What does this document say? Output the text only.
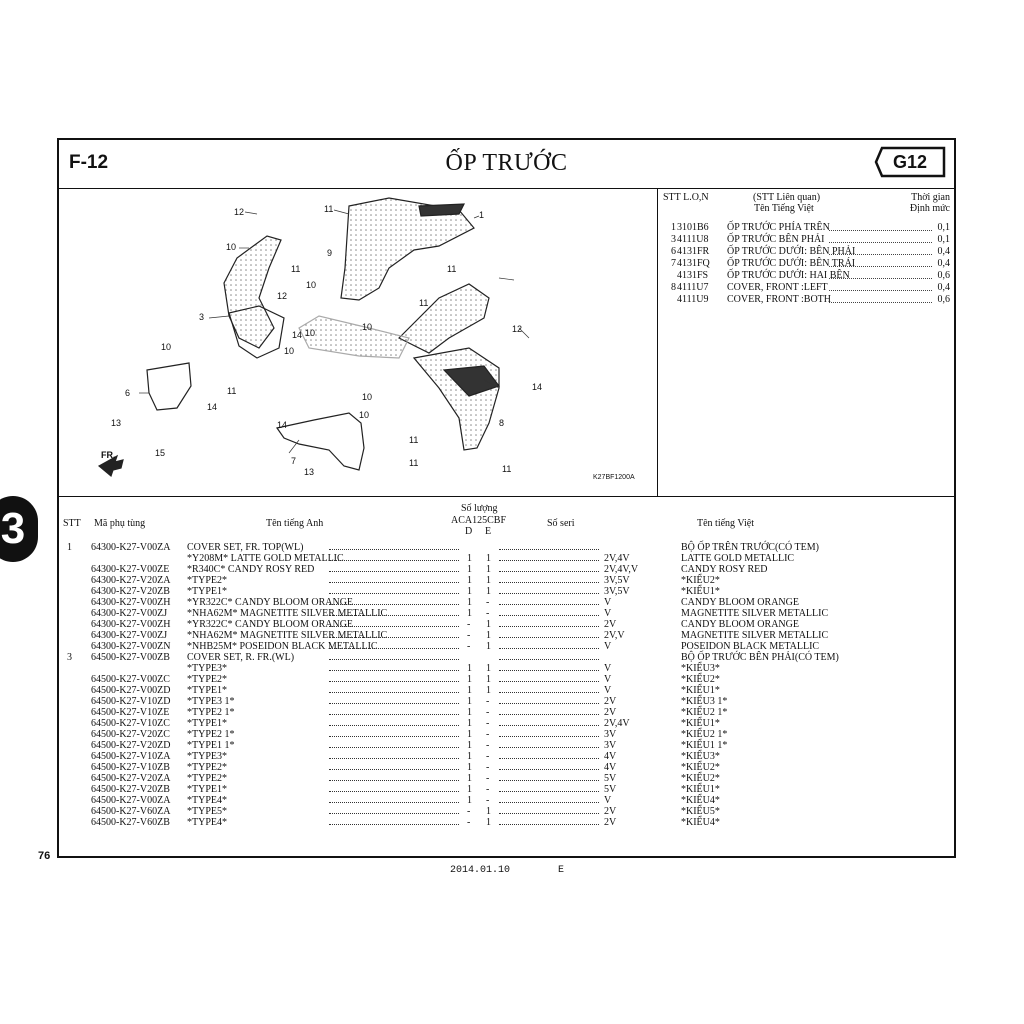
3
F-12	ỐP TRƯỚC	G12
12	11
1
10
11
9
3
10
12
11
10
14
10
11
12
10
10
6	11
14
10
13
15
14
10
11
8
11
7
13
14
11
FR.
K27BF1200A
STT L.O,N	(STT Liên quan)
Tên Tiếng Việt
Thời gian
Định mức
1 3101B6 ỐP TRƯỚC PHÍA TRÊN	0,1
3 4111U8 ỐP TRƯỚC BÊN PHẢI	0,1
6 4131FR ỐP TRƯỚC DƯỚI: BÊN PHẢI	0,4
7 4131FQ ỐP TRƯỚC DƯỚI: BÊN TRÁI	0,4
4131FS ỐP TRƯỚC DƯỚI: HAI BÊN	0,6
8 4111U7 COVER, FRONT :LEFT	0,4
4111U9 COVER, FRONT :BOTH	0,6
STT Mã phụ tùng	Tên tiếng Anh
Số lượng
ACA125CBF
D E
Số seri	Tên tiếng Việt
1 64300-K27-V00ZA COVER SET, FR. TOP(WL)	BỘ ỐP TRÊN TRƯỚC(CÓ TEM)
*Y208M* LATTE GOLD METALLIC	1 1	2V,4V	LATTE GOLD METALLIC
64300-K27-V00ZE *R340C* CANDY ROSY RED	1 1	2V,4V,V	CANDY ROSY RED
64300-K27-V20ZA *TYPE2*	1 1	3V,5V	*KIỂU2*
64300-K27-V20ZB *TYPE1*	1 1	3V,5V	*KIỂU1*
64300-K27-V00ZH *YR322C* CANDY BLOOM ORANGE	1 -	V	CANDY BLOOM ORANGE
64300-K27-V00ZJ *NHA62M* MAGNETITE SILVER METALLIC	1 -	V	MAGNETITE SILVER METALLIC
64300-K27-V00ZH *YR322C* CANDY BLOOM ORANGE	- 1	2V	CANDY BLOOM ORANGE
64300-K27-V00ZJ *NHA62M* MAGNETITE SILVER METALLIC	- 1	2V,V	MAGNETITE SILVER METALLIC
64300-K27-V00ZN *NHB25M* POSEIDON BLACK METALLIC	- 1	V	POSEIDON BLACK METALLIC
3 64500-K27-V00ZB COVER SET, R. FR.(WL)	BỘ ỐP TRƯỚC BÊN PHẢI(CÓ TEM)
*TYPE3*	1 1	V	*KIỂU3*
64500-K27-V00ZC *TYPE2*	1 1	V	*KIỂU2*
64500-K27-V00ZD *TYPE1*	1 1	V	*KIỂU1*
64500-K27-V10ZD *TYPE3 1*	1 -	2V	*KIỂU3 1*
64500-K27-V10ZE *TYPE2 1*	1 -	2V	*KIỂU2 1*
64500-K27-V10ZC *TYPE1*	1 -	2V,4V	*KIỂU1*
64500-K27-V20ZC *TYPE2 1*	1 -	3V	*KIỂU2 1*
64500-K27-V20ZD *TYPE1 1*	1 -	3V	*KIỂU1 1*
64500-K27-V10ZA *TYPE3*	1 -	4V	*KIỂU3*
64500-K27-V10ZB *TYPE2*	1 -	4V	*KIỂU2*
64500-K27-V20ZA *TYPE2*	1 -	5V	*KIỂU2*
64500-K27-V20ZB *TYPE1*	1 -	5V	*KIỂU1*
64500-K27-V00ZA *TYPE4*	1 -	V	*KIỂU4*
64500-K27-V60ZA *TYPE5*	- 1	2V	*KIỂU5*
64500-K27-V60ZB *TYPE4*	- 1	2V	*KIỂU4*
76
2014.01.10	E
